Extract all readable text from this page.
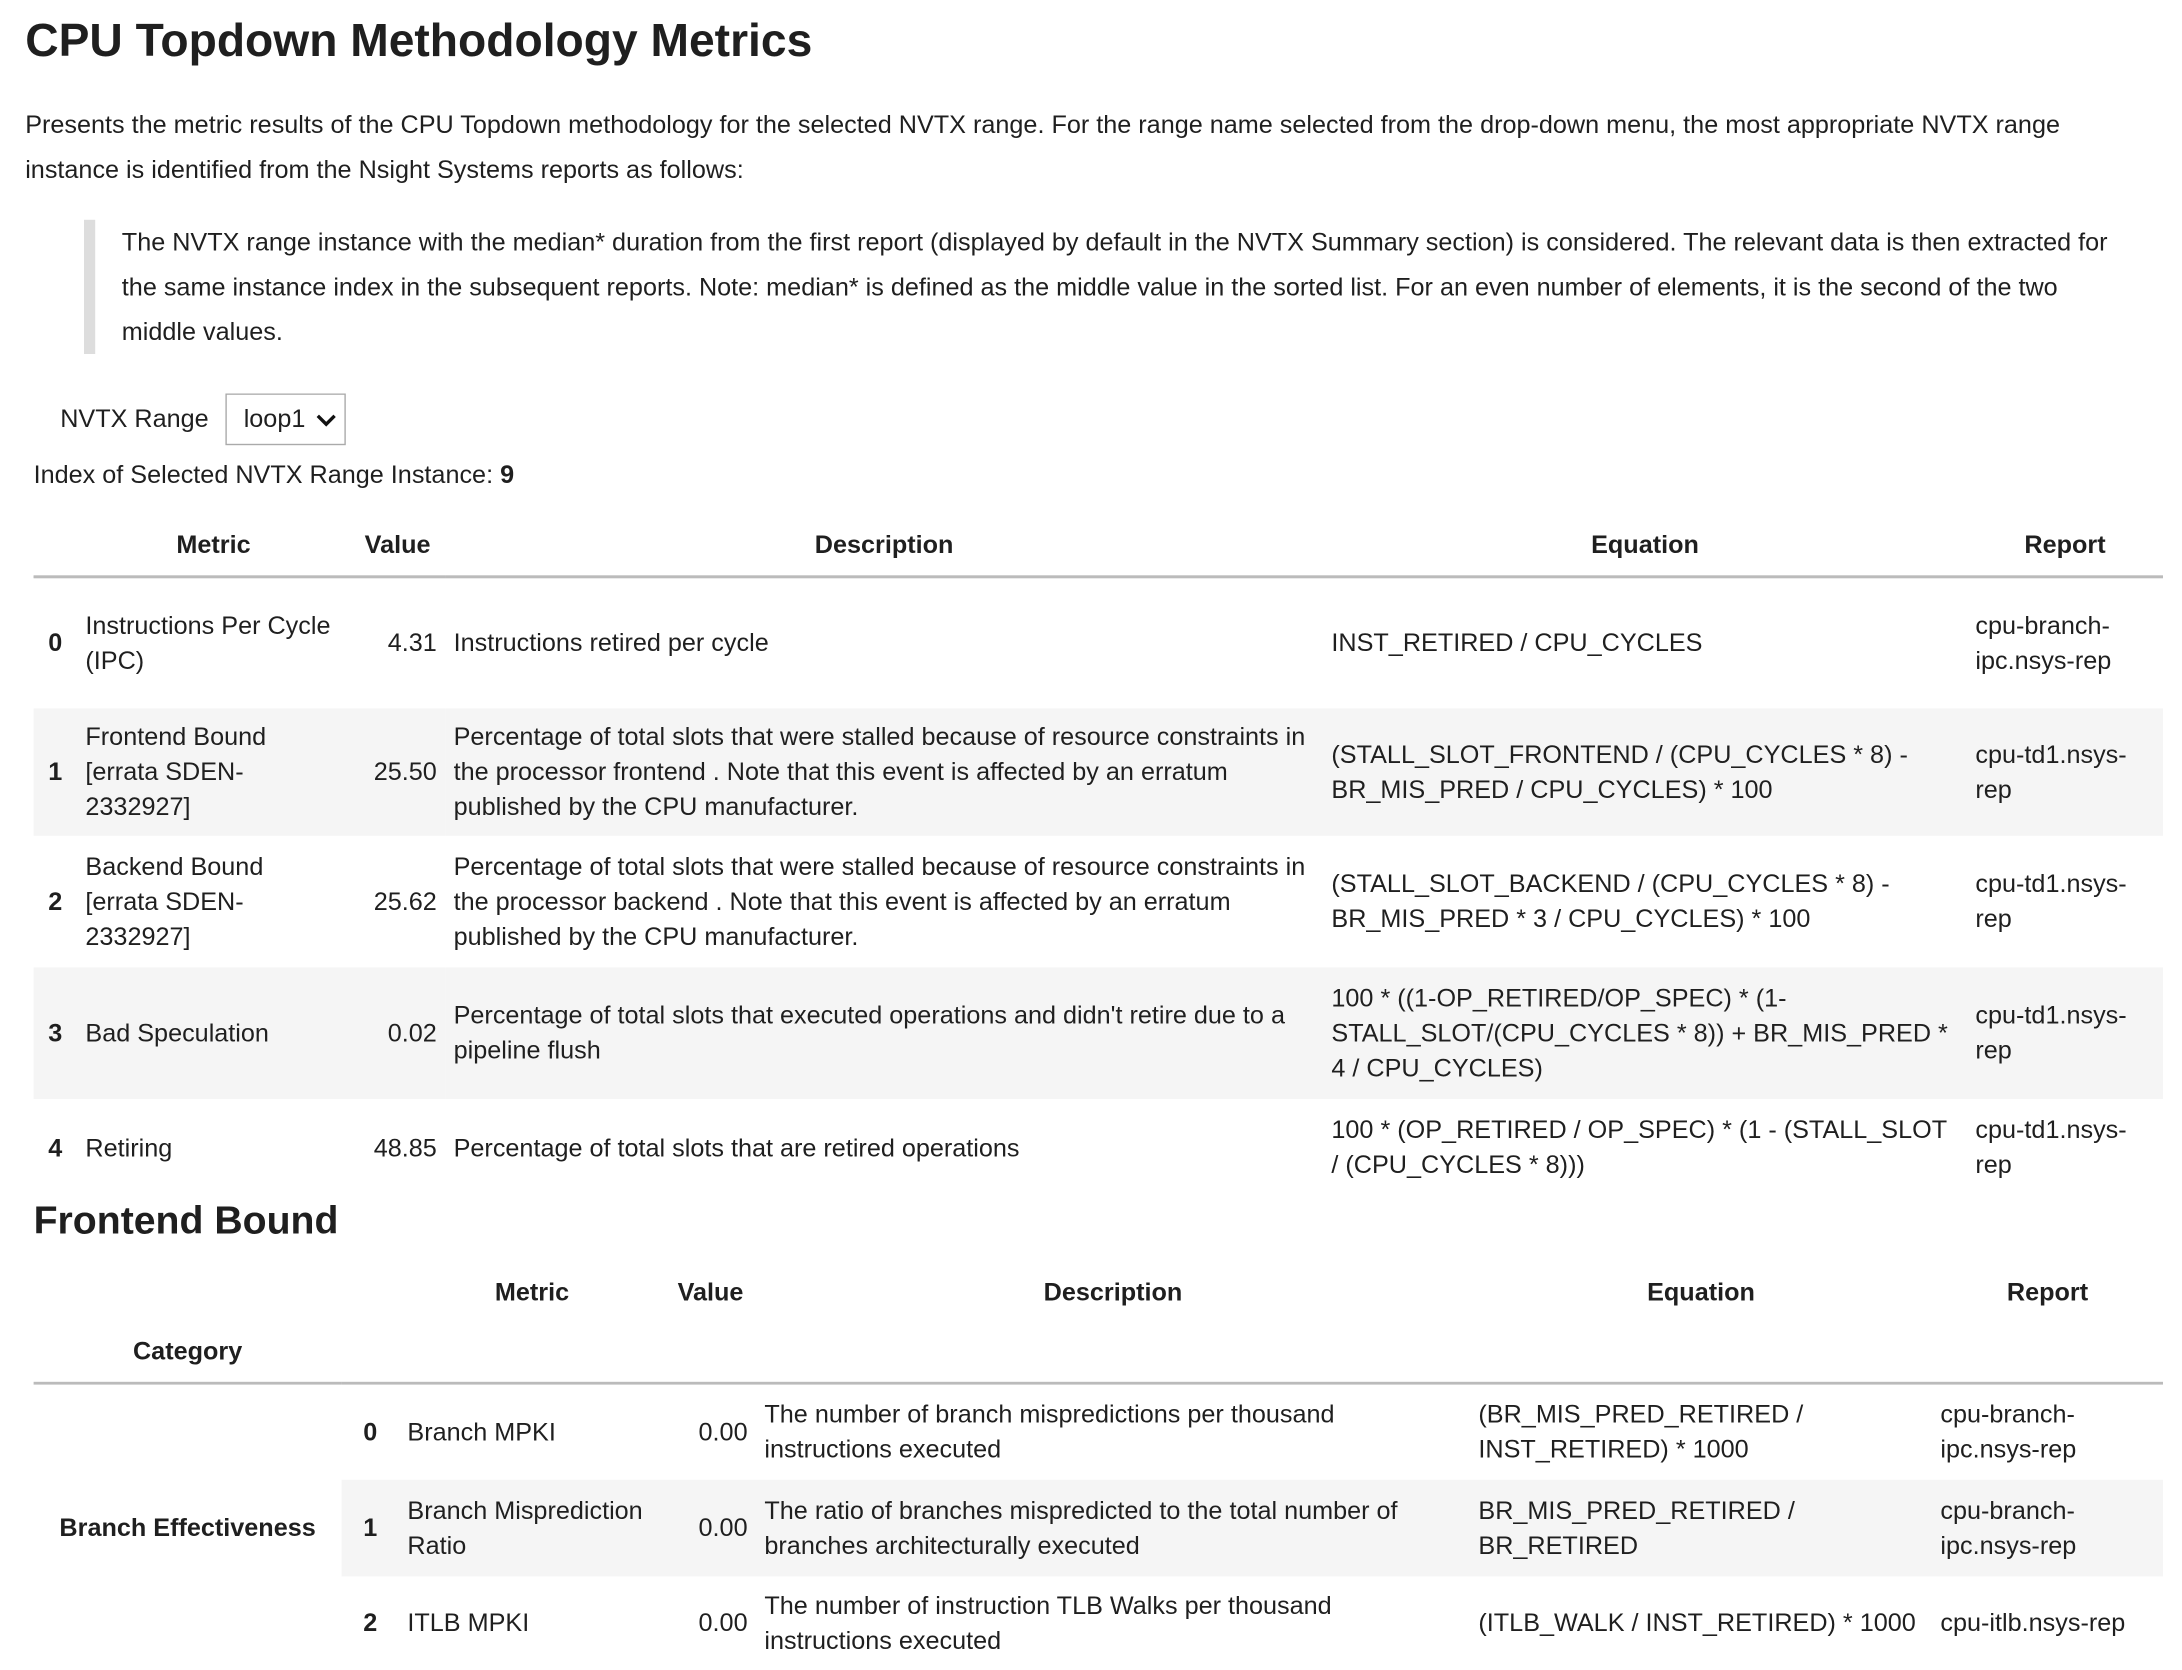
CPU Topdown Methodology Metrics

Presents the metric results of the CPU Topdown methodology for the selected NVTX range. For the range name selected from the drop-down menu, the most appropriate NVTX range instance is identified from the Nsight Systems reports as follows:

The NVTX range instance with the median* duration from the first report (displayed by default in the NVTX Summary section) is considered. The relevant data is then extracted for the same instance index in the subsequent reports. Note: median* is defined as the middle value in the sorted list. For an even number of elements, it is the second of the two middle values.
NVTX Range loop1
Index of Selected NVTX Range Instance: 9
	Metric	Value	Description	Equation	Report
0	Instructions Per Cycle (IPC)	4.31	Instructions retired per cycle	INST_RETIRED / CPU_CYCLES	cpu-branch-ipc.nsys-rep
1	Frontend Bound [errata SDEN-2332927]	25.50	Percentage of total slots that were stalled because of resource constraints in the processor frontend . Note that this event is affected by an erratum published by the CPU manufacturer.	(STALL_SLOT_FRONTEND / (CPU_CYCLES * 8) - BR_MIS_PRED / CPU_CYCLES) * 100	cpu-td1.nsys-rep
2	Backend Bound [errata SDEN-2332927]	25.62	Percentage of total slots that were stalled because of resource constraints in the processor backend . Note that this event is affected by an erratum published by the CPU manufacturer.	(STALL_SLOT_BACKEND / (CPU_CYCLES * 8) - BR_MIS_PRED * 3 / CPU_CYCLES) * 100	cpu-td1.nsys-rep
3	Bad Speculation	0.02	Percentage of total slots that executed operations and didn't retire due to a pipeline flush	100 * ((1-OP_RETIRED/OP_SPEC) * (1-STALL_SLOT/(CPU_CYCLES * 8)) + BR_MIS_PRED * 4 / CPU_CYCLES)	cpu-td1.nsys-rep
4	Retiring	48.85	Percentage of total slots that are retired operations	100 * (OP_RETIRED / OP_SPEC) * (1 - (STALL_SLOT / (CPU_CYCLES * 8)))	cpu-td1.nsys-rep
Frontend Bound
		Metric	Value	Description	Equation	Report
Category						
Branch Effectiveness	0	Branch MPKI	0.00	The number of branch mispredictions per thousand instructions executed	(BR_MIS_PRED_RETIRED / INST_RETIRED) * 1000	cpu-branch-ipc.nsys-rep
	1	Branch Misprediction Ratio	0.00	The ratio of branches mispredicted to the total number of branches architecturally executed	BR_MIS_PRED_RETIRED / BR_RETIRED	cpu-branch-ipc.nsys-rep
	2	ITLB MPKI	0.00	The number of instruction TLB Walks per thousand instructions executed	(ITLB_WALK / INST_RETIRED) * 1000	cpu-itlb.nsys-rep
